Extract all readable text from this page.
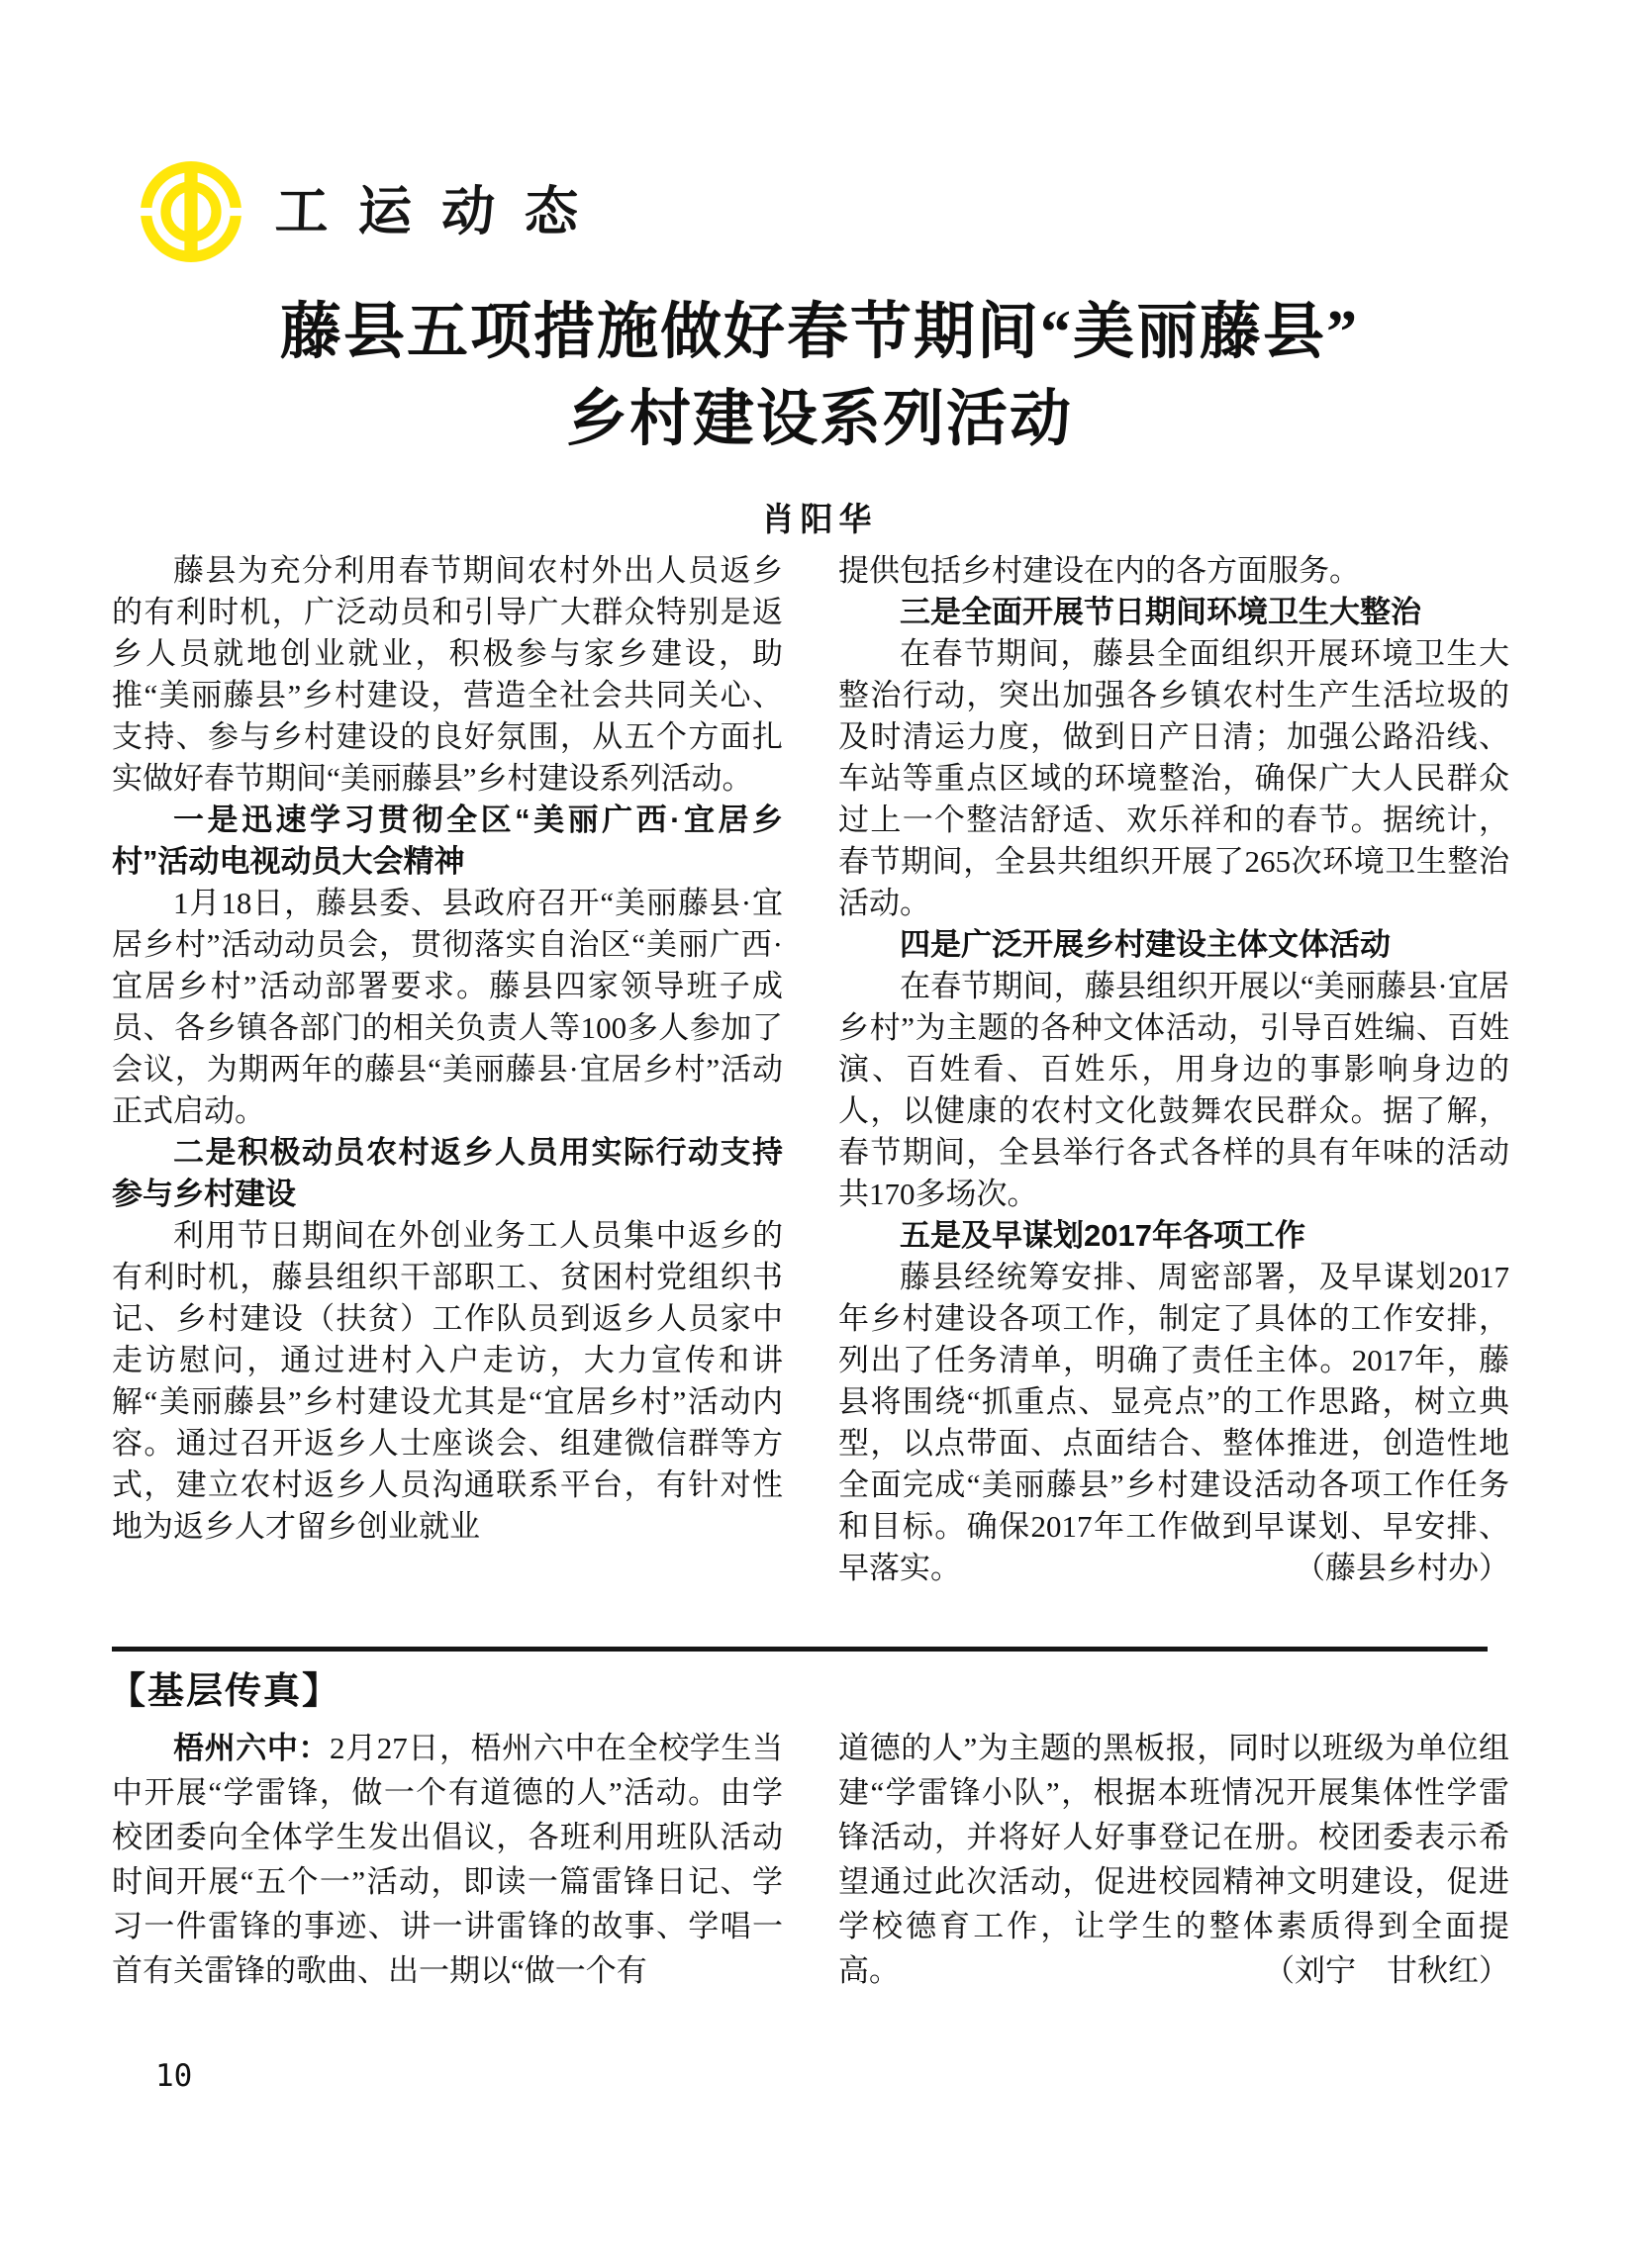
工运动态
藤县五项措施做好春节期间“美丽藤县”
乡村建设系列活动
肖阳华

藤县为充分利用春节期间农村外出人员返乡的有利时机，广泛动员和引导广大群众特别是返乡人员就地创业就业，积极参与家乡建设，助推“美丽藤县”乡村建设，营造全社会共同关心、支持、参与乡村建设的良好氛围，从五个方面扎实做好春节期间“美丽藤县”乡村建设系列活动。

一是迅速学习贯彻全区“美丽广西·宜居乡村”活动电视动员大会精神

1月18日，藤县委、县政府召开“美丽藤县·宜居乡村”活动动员会，贯彻落实自治区“美丽广西·宜居乡村”活动部署要求。藤县四家领导班子成员、各乡镇各部门的相关负责人等100多人参加了会议，为期两年的藤县“美丽藤县·宜居乡村”活动正式启动。

二是积极动员农村返乡人员用实际行动支持参与乡村建设

利用节日期间在外创业务工人员集中返乡的有利时机，藤县组织干部职工、贫困村党组织书记、乡村建设（扶贫）工作队员到返乡人员家中走访慰问，通过进村入户走访，大力宣传和讲解“美丽藤县”乡村建设尤其是“宜居乡村”活动内容。通过召开返乡人士座谈会、组建微信群等方式，建立农村返乡人员沟通联系平台，有针对性地为返乡人才留乡创业就业

提供包括乡村建设在内的各方面服务。

三是全面开展节日期间环境卫生大整治

在春节期间，藤县全面组织开展环境卫生大整治行动，突出加强各乡镇农村生产生活垃圾的及时清运力度，做到日产日清；加强公路沿线、车站等重点区域的环境整治，确保广大人民群众过上一个整洁舒适、欢乐祥和的春节。据统计，春节期间，全县共组织开展了265次环境卫生整治活动。

四是广泛开展乡村建设主体文体活动

在春节期间，藤县组织开展以“美丽藤县·宜居乡村”为主题的各种文体活动，引导百姓编、百姓演、百姓看、百姓乐，用身边的事影响身边的人，以健康的农村文化鼓舞农民群众。据了解，春节期间，全县举行各式各样的具有年味的活动共170多场次。

五是及早谋划2017年各项工作

藤县经统筹安排、周密部署，及早谋划2017年乡村建设各项工作，制定了具体的工作安排，列出了任务清单，明确了责任主体。2017年，藤县将围绕“抓重点、显亮点”的工作思路，树立典型，以点带面、点面结合、整体推进，创造性地全面完成“美丽藤县”乡村建设活动各项工作任务和目标。确保2017年工作做到早谋划、早安排、早落实。	（藤县乡村办）

【基层传真】

梧州六中：2月27日，梧州六中在全校学生当中开展“学雷锋，做一个有道德的人”活动。由学校团委向全体学生发出倡议，各班利用班队活动时间开展“五个一”活动，即读一篇雷锋日记、学习一件雷锋的事迹、讲一讲雷锋的故事、学唱一首有关雷锋的歌曲、出一期以“做一个有

道德的人”为主题的黑板报，同时以班级为单位组建“学雷锋小队”，根据本班情况开展集体性学雷锋活动，并将好人好事登记在册。校团委表示希望通过此次活动，促进校园精神文明建设，促进学校德育工作，让学生的整体素质得到全面提高。	（刘宁　甘秋红）

10
